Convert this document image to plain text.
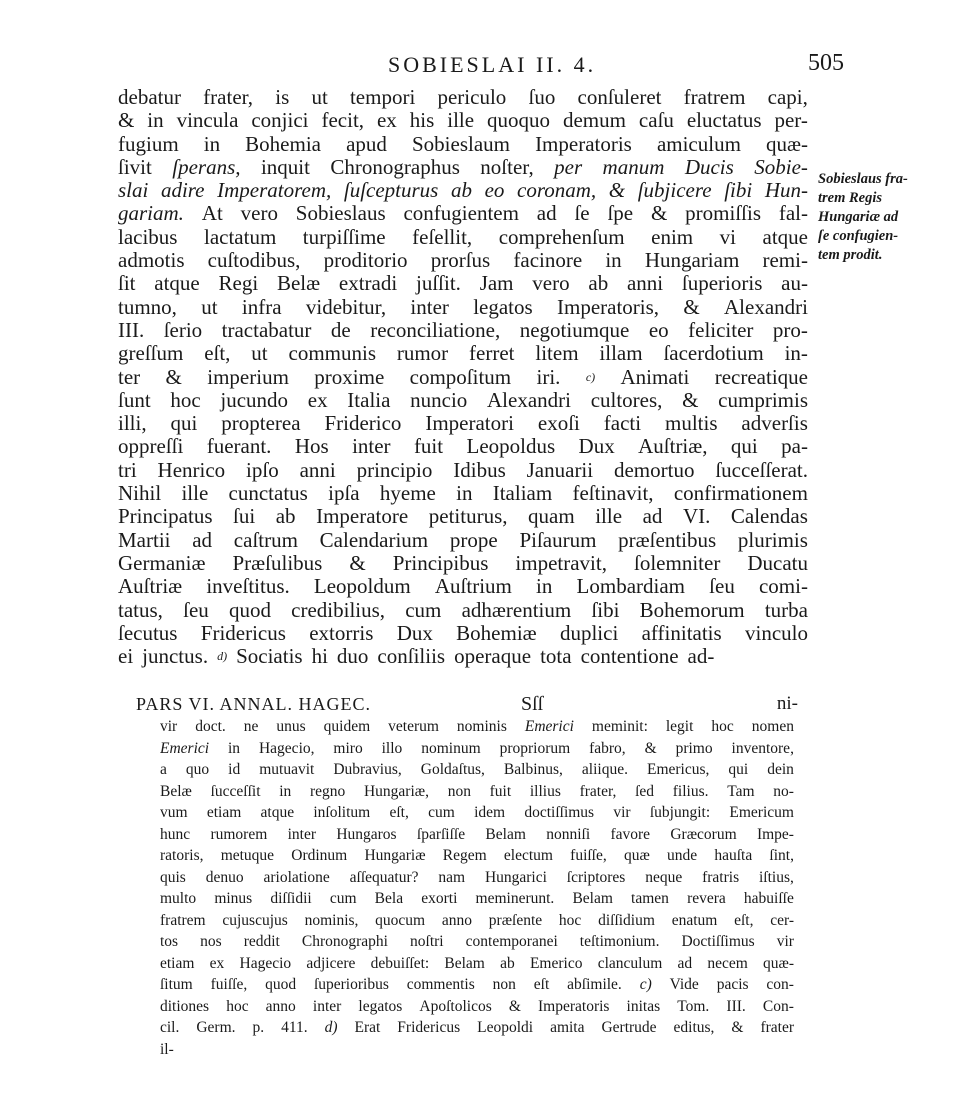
SOBIESLAI II. 4.	505
debatur frater, is ut tempori periculo ſuo conſuleret fratrem capi,
& in vincula conjici fecit, ex his ille quoquo demum caſu eluctatus per-
fugium in Bohemia apud Sobieslaum Imperatoris amiculum quæ-
ſivit ſperans, inquit Chronographus noſter, per manum Ducis Sobie-
slai adire Imperatorem, ſuſcepturus ab eo coronam, & ſubjicere ſibi Hun-
gariam. At vero Sobieslaus confugientem ad ſe ſpe & promiſſis fal-
lacibus lactatum turpiſſime feſellit, comprehenſum enim vi atque
admotis cuſtodibus, proditorio prorſus facinore in Hungariam remi-
ſit atque Regi Belæ extradi juſſit. Jam vero ab anni ſuperioris au-
tumno, ut infra videbitur, inter legatos Imperatoris, & Alexandri
III. ſerio tractabatur de reconciliatione, negotiumque eo feliciter pro-
greſſum eſt, ut communis rumor ferret litem illam ſacerdotium in-
ter & imperium proxime compoſitum iri. c) Animati recreatique
ſunt hoc jucundo ex Italia nuncio Alexandri cultores, & cumprimis
illi, qui propterea Friderico Imperatori exoſi facti multis adverſis
oppreſſi fuerant. Hos inter fuit Leopoldus Dux Auſtriæ, qui pa-
tri Henrico ipſo anni principio Idibus Januarii demortuo ſucceſſerat.
Nihil ille cunctatus ipſa hyeme in Italiam feſtinavit, confirmationem
Principatus ſui ab Imperatore petiturus, quam ille ad VI. Calendas
Martii ad caſtrum Calendarium prope Piſaurum præſentibus plurimis
Germaniæ Præſulibus & Principibus impetravit, ſolemniter Ducatu
Auſtriæ inveſtitus. Leopoldum Auſtrium in Lombardiam ſeu comi-
tatus, ſeu quod credibilius, cum adhærentium ſibi Bohemorum turba
ſecutus Fridericus extorris Dux Bohemiæ duplici affinitatis vinculo
ei junctus. d) Sociatis hi duo conſiliis operaque tota contentione ad-
Sobieslaus fra-
trem Regis
Hungariæ ad
ſe confugien-
tem prodit.
PARS VI. ANNAL. HAGEC.	Sſſ	ni-
vir doct. ne unus quidem veterum nominis Emerici meminit: legit hoc nomen
Emerici in Hagecio, miro illo nominum propriorum fabro, & primo inventore,
a quo id mutuavit Dubravius, Goldaſtus, Balbinus, aliique. Emericus, qui dein
Belæ ſucceſſit in regno Hungariæ, non fuit illius frater, ſed filius. Tam no-
vum etiam atque inſolitum eſt, cum idem doctiſſimus vir ſubjungit: Emericum
hunc rumorem inter Hungaros ſparſiſſe Belam nonniſi favore Græcorum Impe-
ratoris, metuque Ordinum Hungariæ Regem electum fuiſſe, quæ unde hauſta ſint,
quis denuo ariolatione aſſequatur? nam Hungarici ſcriptores neque fratris iſtius,
multo minus diſſidii cum Bela exorti meminerunt. Belam tamen revera habuiſſe
fratrem cujuscujus nominis, quocum anno præſente hoc diſſidium enatum eſt, cer-
tos nos reddit Chronographi noſtri contemporanei teſtimonium. Doctiſſimus vir
etiam ex Hagecio adjicere debuiſſet: Belam ab Emerico clanculum ad necem quæ-
ſitum fuiſſe, quod ſuperioribus commentis non eſt abſimile. c) Vide pacis con-
ditiones hoc anno inter legatos Apoſtolicos & Imperatoris initas Tom. III. Con-
cil. Germ. p. 411. d) Erat Fridericus Leopoldi amita Gertrude editus, & frater
il-
